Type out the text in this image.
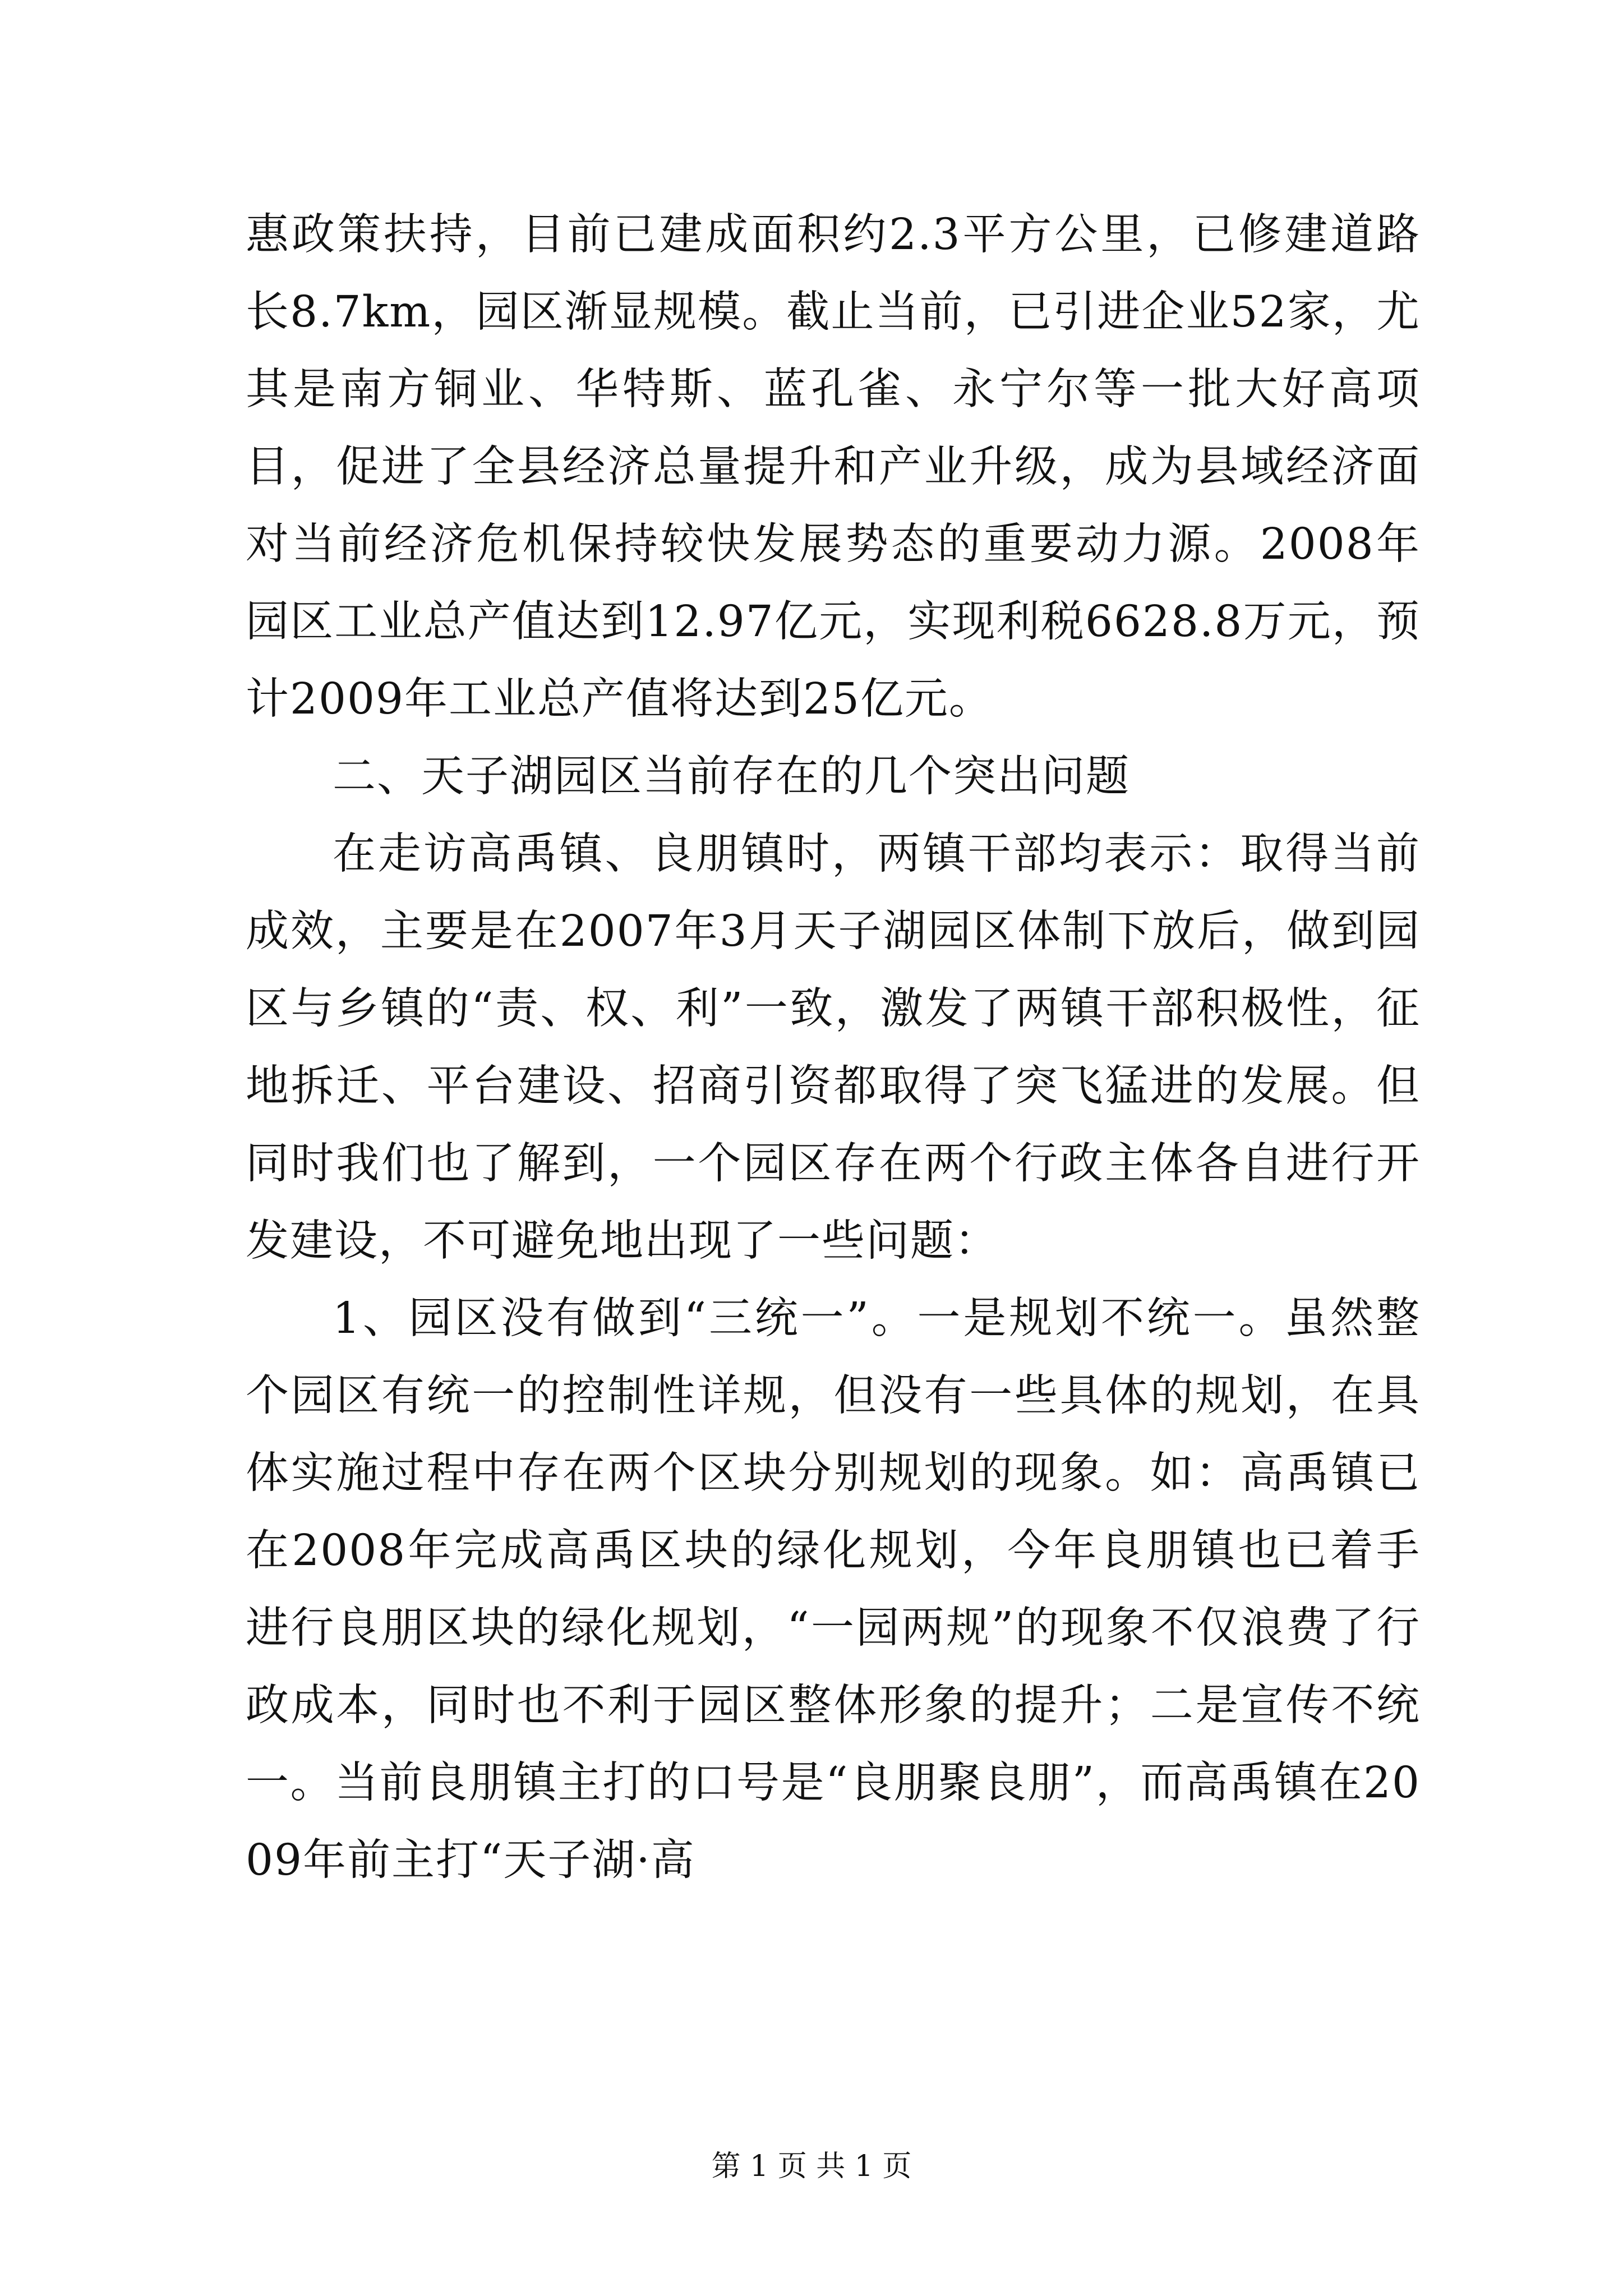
惠政策扶持，目前已建成面积约2.3平方公里，已修建道路长8.7km，园区渐显规模。截止当前，已引进企业52家，尤其是南方铜业、华特斯、蓝孔雀、永宁尔等一批大好高项目，促进了全县经济总量提升和产业升级，成为县域经济面对当前经济危机保持较快发展势态的重要动力源。2008年园区工业总产值达到12.97亿元，实现利税6628.8万元，预计2009年工业总产值将达到25亿元。

二、天子湖园区当前存在的几个突出问题

在走访高禹镇、良朋镇时，两镇干部均表示：取得当前成效，主要是在2007年3月天子湖园区体制下放后，做到园区与乡镇的“责、权、利”一致，激发了两镇干部积极性，征地拆迁、平台建设、招商引资都取得了突飞猛进的发展。但同时我们也了解到，一个园区存在两个行政主体各自进行开发建设，不可避免地出现了一些问题：

1、园区没有做到“三统一”。一是规划不统一。虽然整个园区有统一的控制性详规，但没有一些具体的规划，在具体实施过程中存在两个区块分别规划的现象。如：高禹镇已在2008年完成高禹区块的绿化规划，今年良朋镇也已着手进行良朋区块的绿化规划，“一园两规”的现象不仅浪费了行政成本，同时也不利于园区整体形象的提升；二是宣传不统一。当前良朋镇主打的口号是“良朋聚良朋”，而高禹镇在2009年前主打“天子湖·高

第 1 页 共 1 页
